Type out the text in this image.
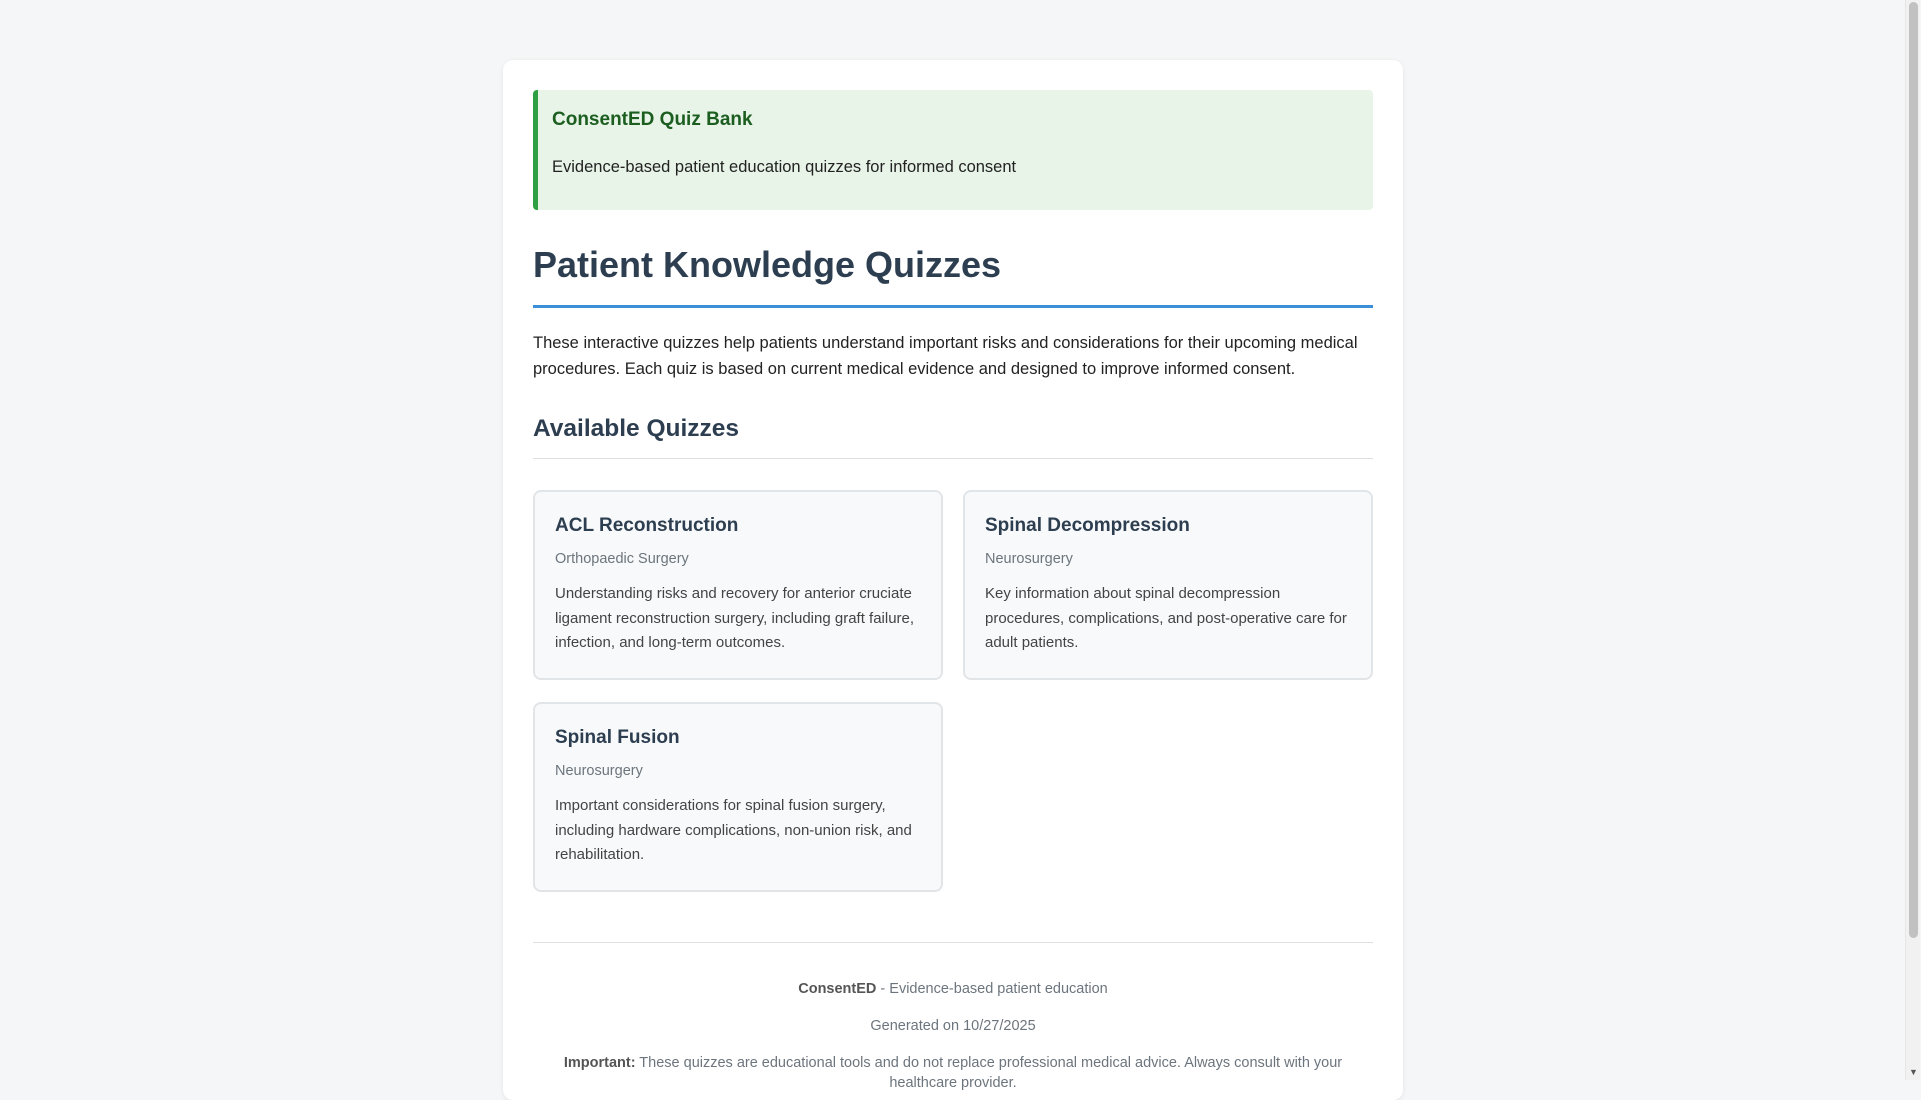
ConsentED Quiz Bank
Evidence-based patient education quizzes for informed consent
Patient Knowledge Quizzes

These interactive quizzes help patients understand important risks and considerations for their upcoming medical procedures. Each quiz is based on current medical evidence and designed to improve informed consent.

Available Quizzes
ACL Reconstruction
Orthopaedic Surgery
Understanding risks and recovery for anterior cruciate ligament reconstruction surgery, including graft failure, infection, and long-term outcomes.
Spinal Decompression
Neurosurgery
Key information about spinal decompression procedures, complications, and post-operative care for adult patients.
Spinal Fusion
Neurosurgery
Important considerations for spinal fusion surgery, including hardware complications, non-union risk, and rehabilitation.

ConsentED - Evidence-based patient education

Generated on 10/27/2025

Important: These quizzes are educational tools and do not replace professional medical advice. Always consult with your healthcare provider.

▼
